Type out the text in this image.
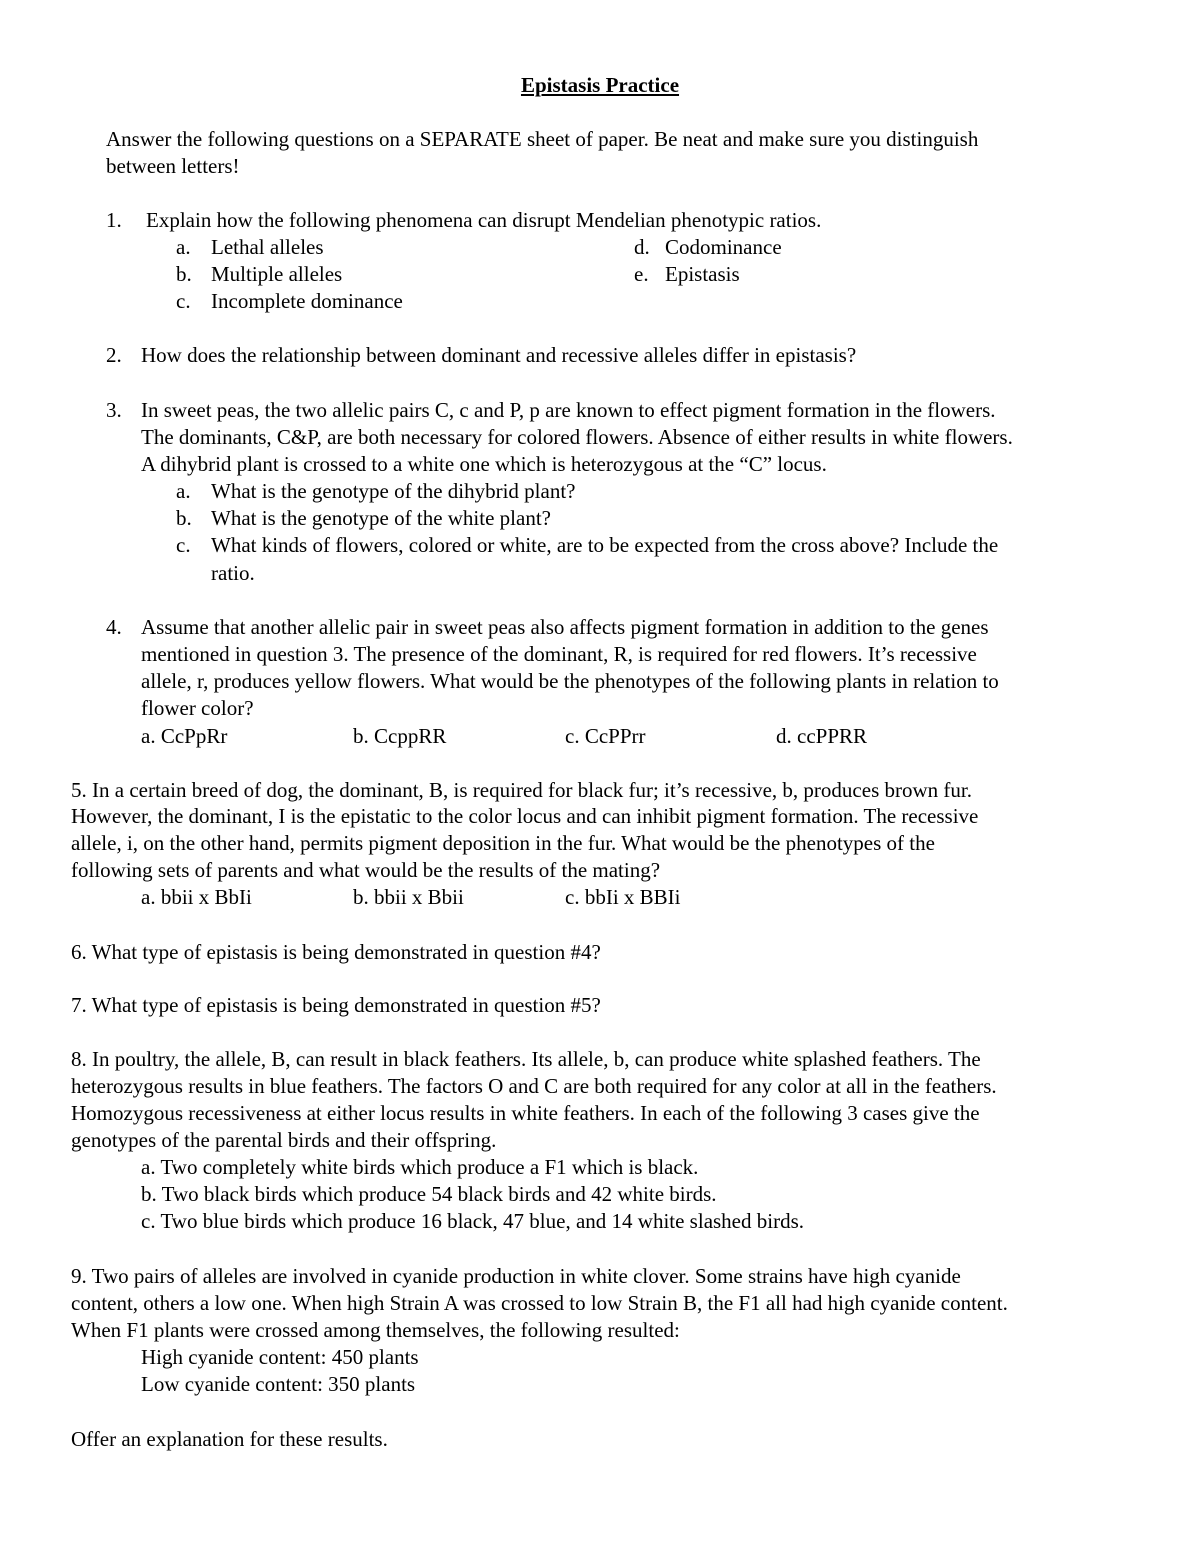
Epistasis Practice
Answer the following questions on a SEPARATE sheet of paper. Be neat and make sure you distinguish
between letters!
1. Explain how the following phenomena can disrupt Mendelian phenotypic ratios.
a. Lethal alleles
b. Multiple alleles
c. Incomplete dominance
d. Codominance
e. Epistasis
2. How does the relationship between dominant and recessive alleles differ in epistasis?
3. In sweet peas, the two allelic pairs C, c and P, p are known to effect pigment formation in the flowers.
The dominants, C&P, are both necessary for colored flowers. Absence of either results in white flowers.
A dihybrid plant is crossed to a white one which is heterozygous at the “C” locus.
a. What is the genotype of the dihybrid plant?
b. What is the genotype of the white plant?
c. What kinds of flowers, colored or white, are to be expected from the cross above? Include the
ratio.
4. Assume that another allelic pair in sweet peas also affects pigment formation in addition to the genes
mentioned in question 3. The presence of the dominant, R, is required for red flowers. It’s recessive
allele, r, produces yellow flowers. What would be the phenotypes of the following plants in relation to
flower color?
a. CcPpRr	b. CcppRR	c. CcPPrr	d. ccPPRR
5. In a certain breed of dog, the dominant, B, is required for black fur; it’s recessive, b, produces brown fur.
However, the dominant, I is the epistatic to the color locus and can inhibit pigment formation. The recessive
allele, i, on the other hand, permits pigment deposition in the fur. What would be the phenotypes of the
following sets of parents and what would be the results of the mating?
a. bbii x BbIi	b. bbii x Bbii	c. bbIi x BBIi
6. What type of epistasis is being demonstrated in question #4?
7. What type of epistasis is being demonstrated in question #5?
8. In poultry, the allele, B, can result in black feathers. Its allele, b, can produce white splashed feathers. The
heterozygous results in blue feathers. The factors O and C are both required for any color at all in the feathers.
Homozygous recessiveness at either locus results in white feathers. In each of the following 3 cases give the
genotypes of the parental birds and their offspring.
a. Two completely white birds which produce a F1 which is black.
b. Two black birds which produce 54 black birds and 42 white birds.
c. Two blue birds which produce 16 black, 47 blue, and 14 white slashed birds.
9. Two pairs of alleles are involved in cyanide production in white clover. Some strains have high cyanide
content, others a low one. When high Strain A was crossed to low Strain B, the F1 all had high cyanide content.
When F1 plants were crossed among themselves, the following resulted:
High cyanide content: 450 plants
Low cyanide content: 350 plants
Offer an explanation for these results.
